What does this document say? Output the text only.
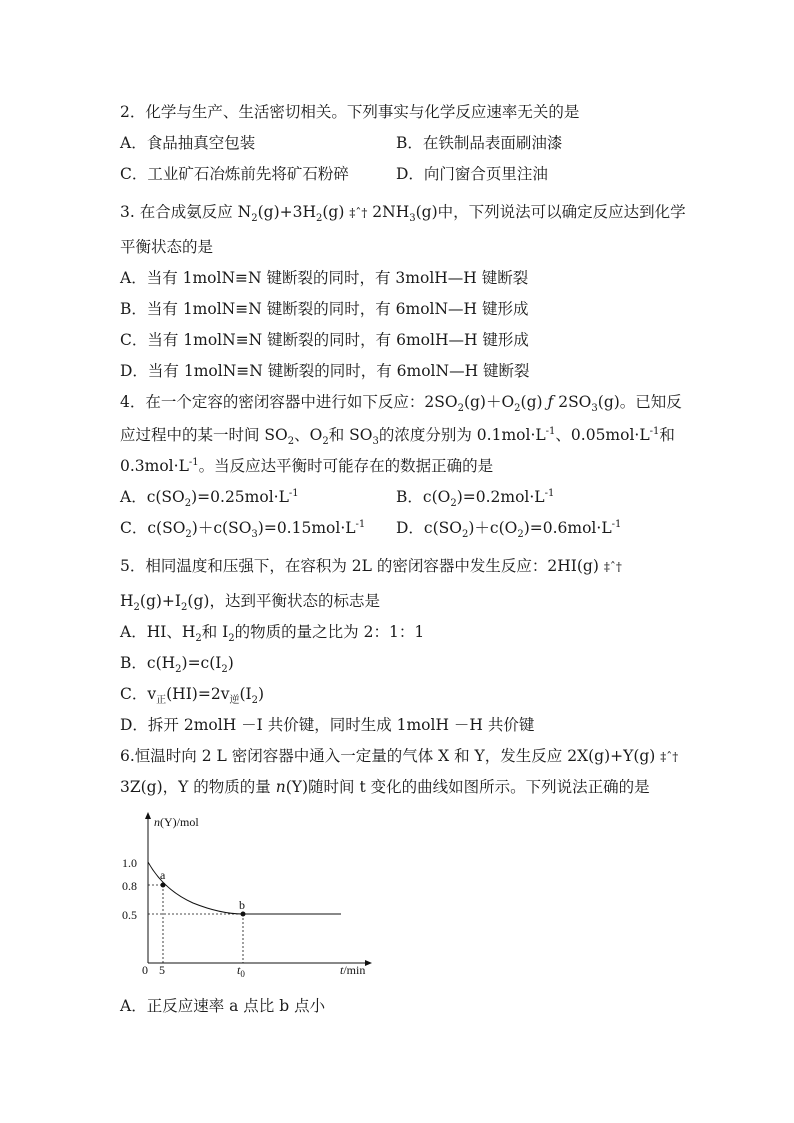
2．化学与生产、生活密切相关。下列事实与化学反应速率无关的是
A．食品抽真空包装	B．在铁制品表面刷油漆
C．工业矿石冶炼前先将矿石粉碎	D．向门窗合页里注油
3. 在合成氨反应 $N_2(g)+3H_2(g)$ ‡ˆ† $2NH_3(g)$中，下列说法可以确定反应达到化学
平衡状态的是
A．当有 1molN≡N 键断裂的同时，有 3molH—H 键断裂
B．当有 1molN≡N 键断裂的同时，有 6molN—H 键形成
C．当有 1molN≡N 键断裂的同时，有 6molH—H 键形成
D．当有 1molN≡N 键断裂的同时，有 6molN—H 键断裂
4．在一个定容的密闭容器中进行如下反应：$2SO_2(g)+O_2(g)$ ƒ $2SO_3(g)$。已知反
应过程中的某一时间 $SO_2$、$O_2$和 $SO_3$的浓度分别为 $0.1mol\cdot L^{-1}$、$0.05mol\cdot L^{-1}$和
$0.3mol\cdot L^{-1}$。当反应达平衡时可能存在的数据正确的是
A．$c(SO_2)=0.25mol\cdot L^{-1}$	B．$c(O_2)=0.2mol\cdot L^{-1}$
C．$c(SO_2)+c(SO_3)=0.15mol\cdot L^{-1}$ D．$c(SO_2)+c(O_2)=0.6mol\cdot L^{-1}$
5．相同温度和压强下，在容积为 2L 的密闭容器中发生反应：2HI(g) ‡ˆ†
$H_2(g)+I_2(g)$，达到平衡状态的标志是
A．HI、$H_2$和 $I_2$的物质的量之比为 2：1：1
B．$c(H_2)=c(I_2)$
C．$v_正(HI)=2v_逆(I_2)$
D．拆开 2molH －I 共价键，同时生成 1molH －H 共价键
6.恒温时向 2 L 密闭容器中通入一定量的气体 X 和 Y，发生反应 2X(g)+Y(g) ‡ˆ†
3Z(g)，Y 的物质的量 n(Y)随时间 t 变化的曲线如图所示。下列说法正确的是
n(Y)/mol
t/min
1.0
0.8
0.5
0 5	$t_0$
a
b
A．正反应速率 a 点比 b 点小
